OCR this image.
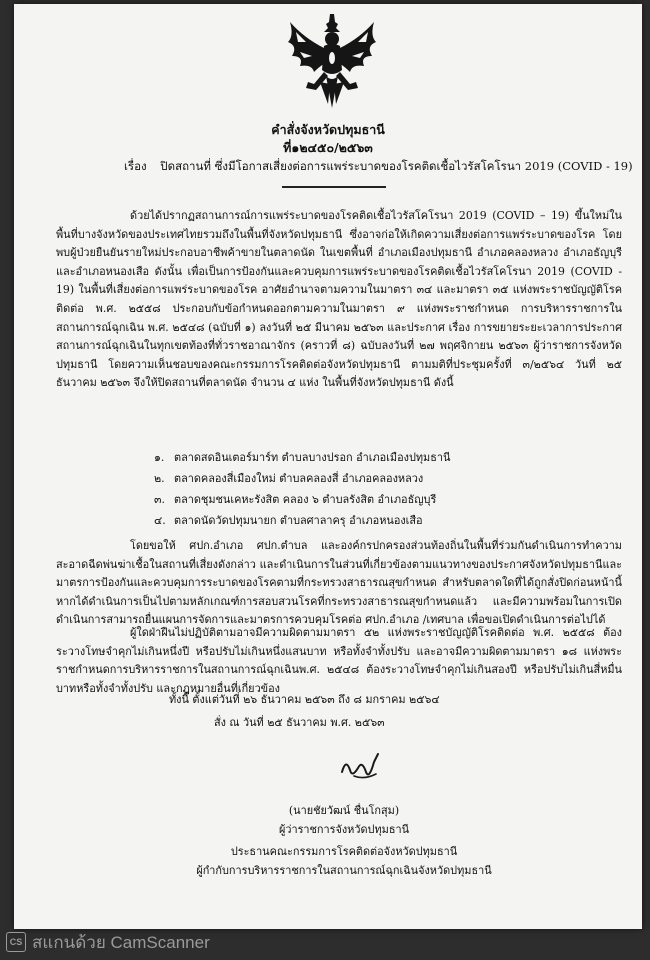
คำสั่งจังหวัดปทุมธานี
ที่๑๒๔๕๐/๒๕๖๓
เรื่อง ปิดสถานที่ ซึ่งมีโอกาสเสี่ยงต่อการแพร่ระบาดของโรคติดเชื้อไวรัสโคโรนา 2019 (COVID - 19)
ด้วยได้ปรากฏสถานการณ์การแพร่ระบาดของโรคติดเชื้อไวรัสโคโรนา 2019 (COVID – 19) ขึ้นใหม่ในพื้นที่บางจังหวัดของประเทศไทยรวมถึงในพื้นที่จังหวัดปทุมธานี ซึ่งอาจก่อให้เกิดความเสี่ยงต่อการแพร่ระบาดของโรค โดยพบผู้ป่วยยืนยันรายใหม่ประกอบอาชีพค้าขายในตลาดนัด ในเขตพื้นที่ อำเภอเมืองปทุมธานี อำเภอคลองหลวง อำเภอธัญบุรี และอำเภอหนองเสือ ดังนั้น เพื่อเป็นการป้องกันและควบคุมการแพร่ระบาดของโรคติดเชื้อไวรัสโคโรนา 2019 (COVID - 19) ในพื้นที่เสี่ยงต่อการแพร่ระบาดของโรค อาศัยอำนาจตามความในมาตรา ๓๔ และมาตรา ๓๕ แห่งพระราชบัญญัติโรคติดต่อ พ.ศ. ๒๕๕๘ ประกอบกับข้อกำหนดออกตามความในมาตรา ๙ แห่งพระราชกำหนด การบริหารราชการในสถานการณ์ฉุกเฉิน พ.ศ. ๒๕๔๘ (ฉบับที่ ๑) ลงวันที่ ๒๕ มีนาคม ๒๕๖๓ และประกาศ เรื่อง การขยายระยะเวลาการประกาศสถานการณ์ฉุกเฉินในทุกเขตท้องที่ทั่วราชอาณาจักร (คราวที่ ๘) ฉบับลงวันที่ ๒๗ พฤศจิกายน ๒๕๖๓ ผู้ว่าราชการจังหวัดปทุมธานี โดยความเห็นชอบของคณะกรรมการโรคติดต่อจังหวัดปทุมธานี ตามมติที่ประชุมครั้งที่ ๓/๒๕๖๔ วันที่ ๒๕ ธันวาคม ๒๕๖๓ จึงให้ปิดสถานที่ตลาดนัด จำนวน ๔ แห่ง ในพื้นที่จังหวัดปทุมธานี ดังนี้
๑. ตลาดสดอินเตอร์มาร์ท ตำบลบางปรอก อำเภอเมืองปทุมธานี
๒. ตลาดคลองสี่เมืองใหม่ ตำบลคลองสี่ อำเภอคลองหลวง
๓. ตลาดชุมชนเคหะรังสิต คลอง ๖ ตำบลรังสิต อำเภอธัญบุรี
๔. ตลาดนัดวัดปทุมนายก ตำบลศาลาครุ อำเภอหนองเสือ
โดยขอให้ ศปก.อำเภอ ศปก.ตำบล และองค์กรปกครองส่วนท้องถิ่นในพื้นที่ร่วมกันดำเนินการทำความสะอาดฉีดพ่นฆ่าเชื้อในสถานที่เสี่ยงดังกล่าว และดำเนินการในส่วนที่เกี่ยวข้องตามแนวทางของประกาศจังหวัดปทุมธานีและมาตรการป้องกันและควบคุมการระบาดของโรคตามที่กระทรวงสาธารณสุขกำหนด สำหรับตลาดใดที่ได้ถูกสั่งปิดก่อนหน้านี้ หากได้ดำเนินการเป็นไปตามหลักเกณฑ์การสอบสวนโรคที่กระทรวงสาธารณสุขกำหนดแล้ว และมีความพร้อมในการเปิดดำเนินการสามารถยื่นแผนการจัดการและมาตรการควบคุมโรคต่อ ศปก.อำเภอ /เทศบาล เพื่อขอเปิดดำเนินการต่อไปได้
ผู้ใดฝ่าฝืนไม่ปฏิบัติตามอาจมีความผิดตามมาตรา ๕๒ แห่งพระราชบัญญัติโรคติดต่อ พ.ศ. ๒๕๕๘ ต้องระวางโทษจำคุกไม่เกินหนึ่งปี หรือปรับไม่เกินหนึ่งแสนบาท หรือทั้งจำทั้งปรับ และอาจมีความผิดตามมาตรา ๑๘ แห่งพระราชกำหนดการบริหารราชการในสถานการณ์ฉุกเฉินพ.ศ. ๒๕๔๘ ต้องระวางโทษจำคุกไม่เกินสองปี หรือปรับไม่เกินสี่หมื่นบาทหรือทั้งจำทั้งปรับ และกฎหมายอื่นที่เกี่ยวข้อง
ทั้งนี้ ตั้งแต่วันที่ ๒๖ ธันวาคม ๒๕๖๓ ถึง ๘ มกราคม ๒๕๖๔
สั่ง ณ วันที่ ๒๕ ธันวาคม พ.ศ. ๒๕๖๓
(นายชัยวัฒน์ ชื่นโกสุม)
ผู้ว่าราชการจังหวัดปทุมธานี
ประธานคณะกรรมการโรคติดต่อจังหวัดปทุมธานี
ผู้กำกับการบริหารราชการในสถานการณ์ฉุกเฉินจังหวัดปทุมธานี
CS สแกนด้วย CamScanner
